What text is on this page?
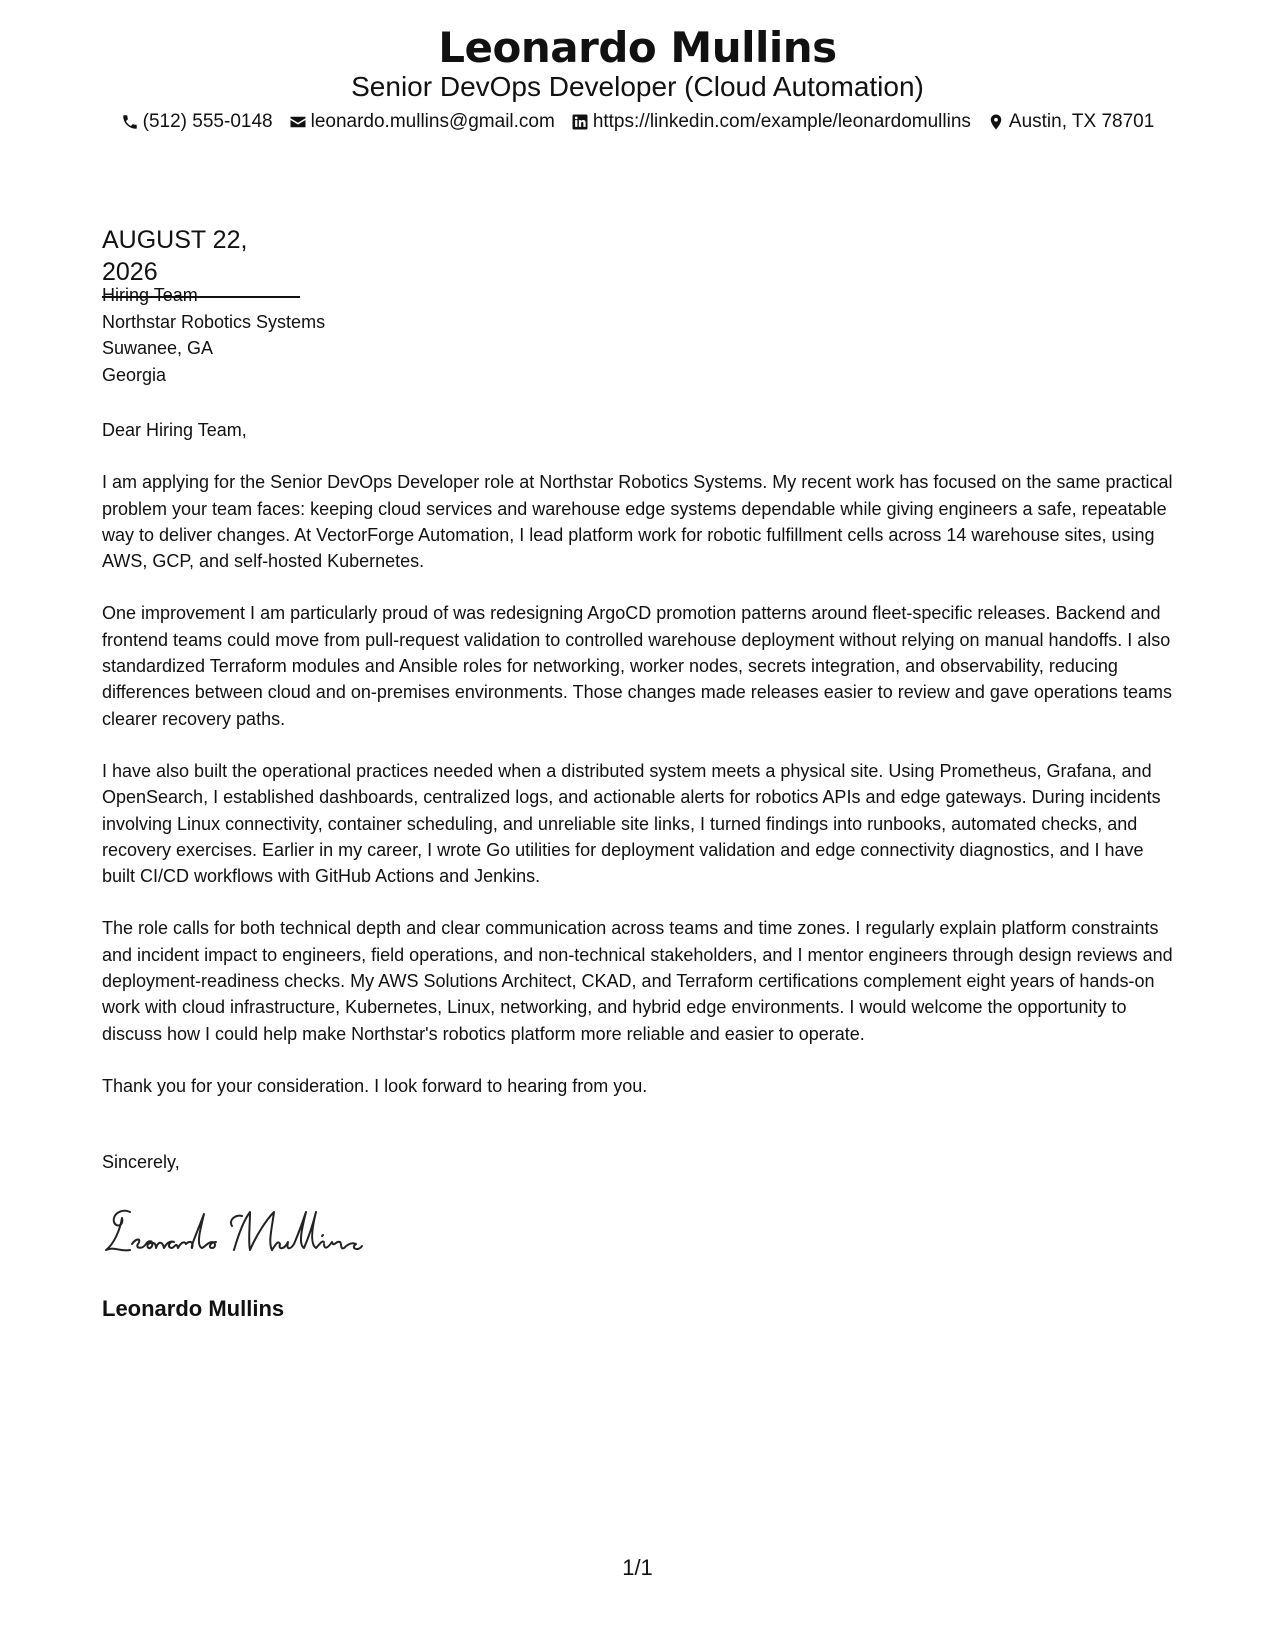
Leonardo Mullins
Senior DevOps Developer (Cloud Automation)
(512) 555-0148 leonardo.mullins@gmail.com https://linkedin.com/example/leonardomullins Austin, TX 78701
AUGUST 22, 2026
Hiring Team
Northstar Robotics Systems
Suwanee, GA
Georgia

Dear Hiring Team,

I am applying for the Senior DevOps Developer role at Northstar Robotics Systems. My recent work has focused on the same practical problem your team faces: keeping cloud services and warehouse edge systems dependable while giving engineers a safe, repeatable way to deliver changes. At VectorForge Automation, I lead platform work for robotic fulfillment cells across 14 warehouse sites, using AWS, GCP, and self-hosted Kubernetes.

One improvement I am particularly proud of was redesigning ArgoCD promotion patterns around fleet-specific releases. Backend and frontend teams could move from pull-request validation to controlled warehouse deployment without relying on manual handoffs. I also standardized Terraform modules and Ansible roles for networking, worker nodes, secrets integration, and observability, reducing differences between cloud and on-premises environments. Those changes made releases easier to review and gave operations teams clearer recovery paths.

I have also built the operational practices needed when a distributed system meets a physical site. Using Prometheus, Grafana, and OpenSearch, I established dashboards, centralized logs, and actionable alerts for robotics APIs and edge gateways. During incidents involving Linux connectivity, container scheduling, and unreliable site links, I turned findings into runbooks, automated checks, and recovery exercises. Earlier in my career, I wrote Go utilities for deployment validation and edge connectivity diagnostics, and I have built CI/CD workflows with GitHub Actions and Jenkins.

The role calls for both technical depth and clear communication across teams and time zones. I regularly explain platform constraints and incident impact to engineers, field operations, and non-technical stakeholders, and I mentor engineers through design reviews and deployment-readiness checks. My AWS Solutions Architect, CKAD, and Terraform certifications complement eight years of hands-on work with cloud infrastructure, Kubernetes, Linux, networking, and hybrid edge environments. I would welcome the opportunity to discuss how I could help make Northstar's robotics platform more reliable and easier to operate.

Thank you for your consideration. I look forward to hearing from you.

Sincerely,
Leonardo Mullins
Leonardo Mullins
1/1
